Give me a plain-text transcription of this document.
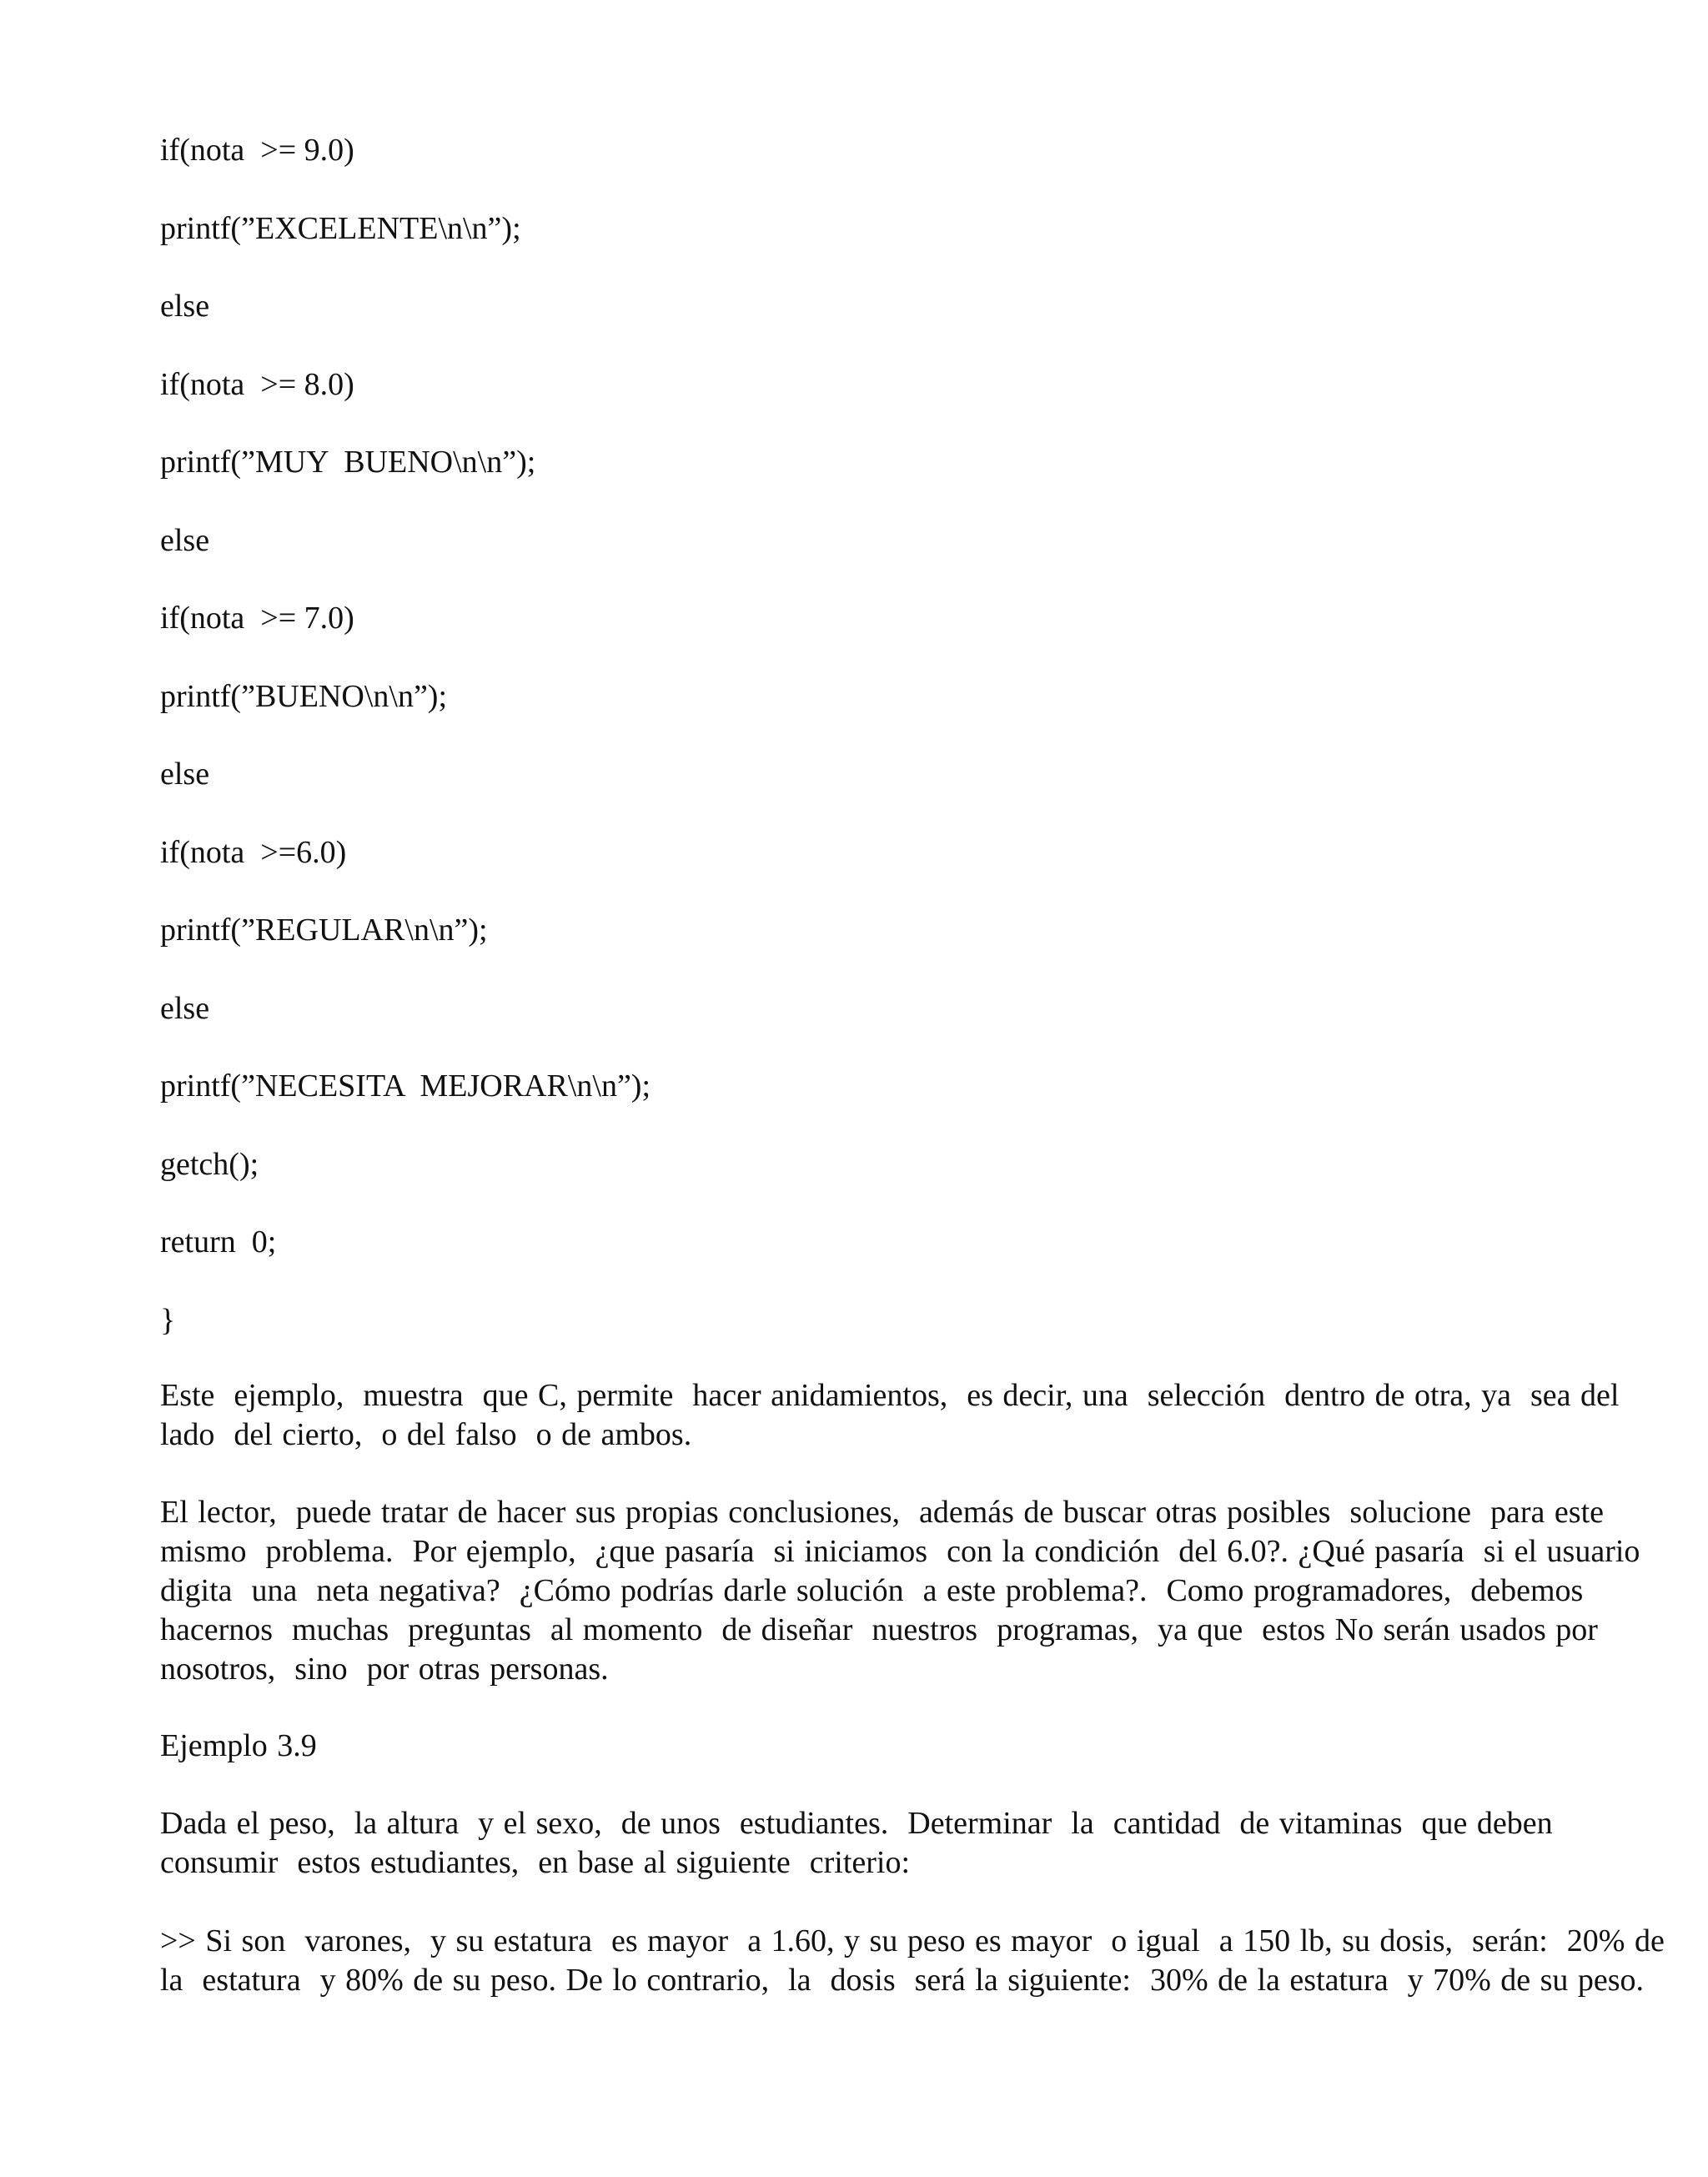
if(nota  >= 9.0)

printf(”EXCELENTE\n\n”);

else

if(nota  >= 8.0)

printf(”MUY  BUENO\n\n”);

else

if(nota  >= 7.0)

printf(”BUENO\n\n”);

else

if(nota  >=6.0)

printf(”REGULAR\n\n”);

else

printf(”NECESITA  MEJORAR\n\n”);

getch();

return  0;

}

Este  ejemplo,  muestra  que C, permite  hacer anidamientos,  es decir, una  selección  dentro de otra, ya  sea del
lado  del cierto,  o del falso  o de ambos.
El lector,  puede tratar de hacer sus propias conclusiones,  además de buscar otras posibles  solucione  para este
mismo  problema.  Por ejemplo,  ¿que pasaría  si iniciamos  con la condición  del 6.0?. ¿Qué pasaría  si el usuario
digita  una  neta negativa?  ¿Cómo podrías darle solución  a este problema?.  Como programadores,  debemos
hacernos  muchas  preguntas  al momento  de diseñar  nuestros  programas,  ya que  estos No serán usados por
nosotros,  sino  por otras personas.

Ejemplo 3.9

Dada el peso,  la altura  y el sexo,  de unos  estudiantes.  Determinar  la  cantidad  de vitaminas  que deben
consumir  estos estudiantes,  en base al siguiente  criterio:
>> Si son  varones,  y su estatura  es mayor  a 1.60, y su peso es mayor  o igual  a 150 lb, su dosis,  serán:  20% de
la  estatura  y 80% de su peso. De lo contrario,  la  dosis  será la siguiente:  30% de la estatura  y 70% de su peso.
